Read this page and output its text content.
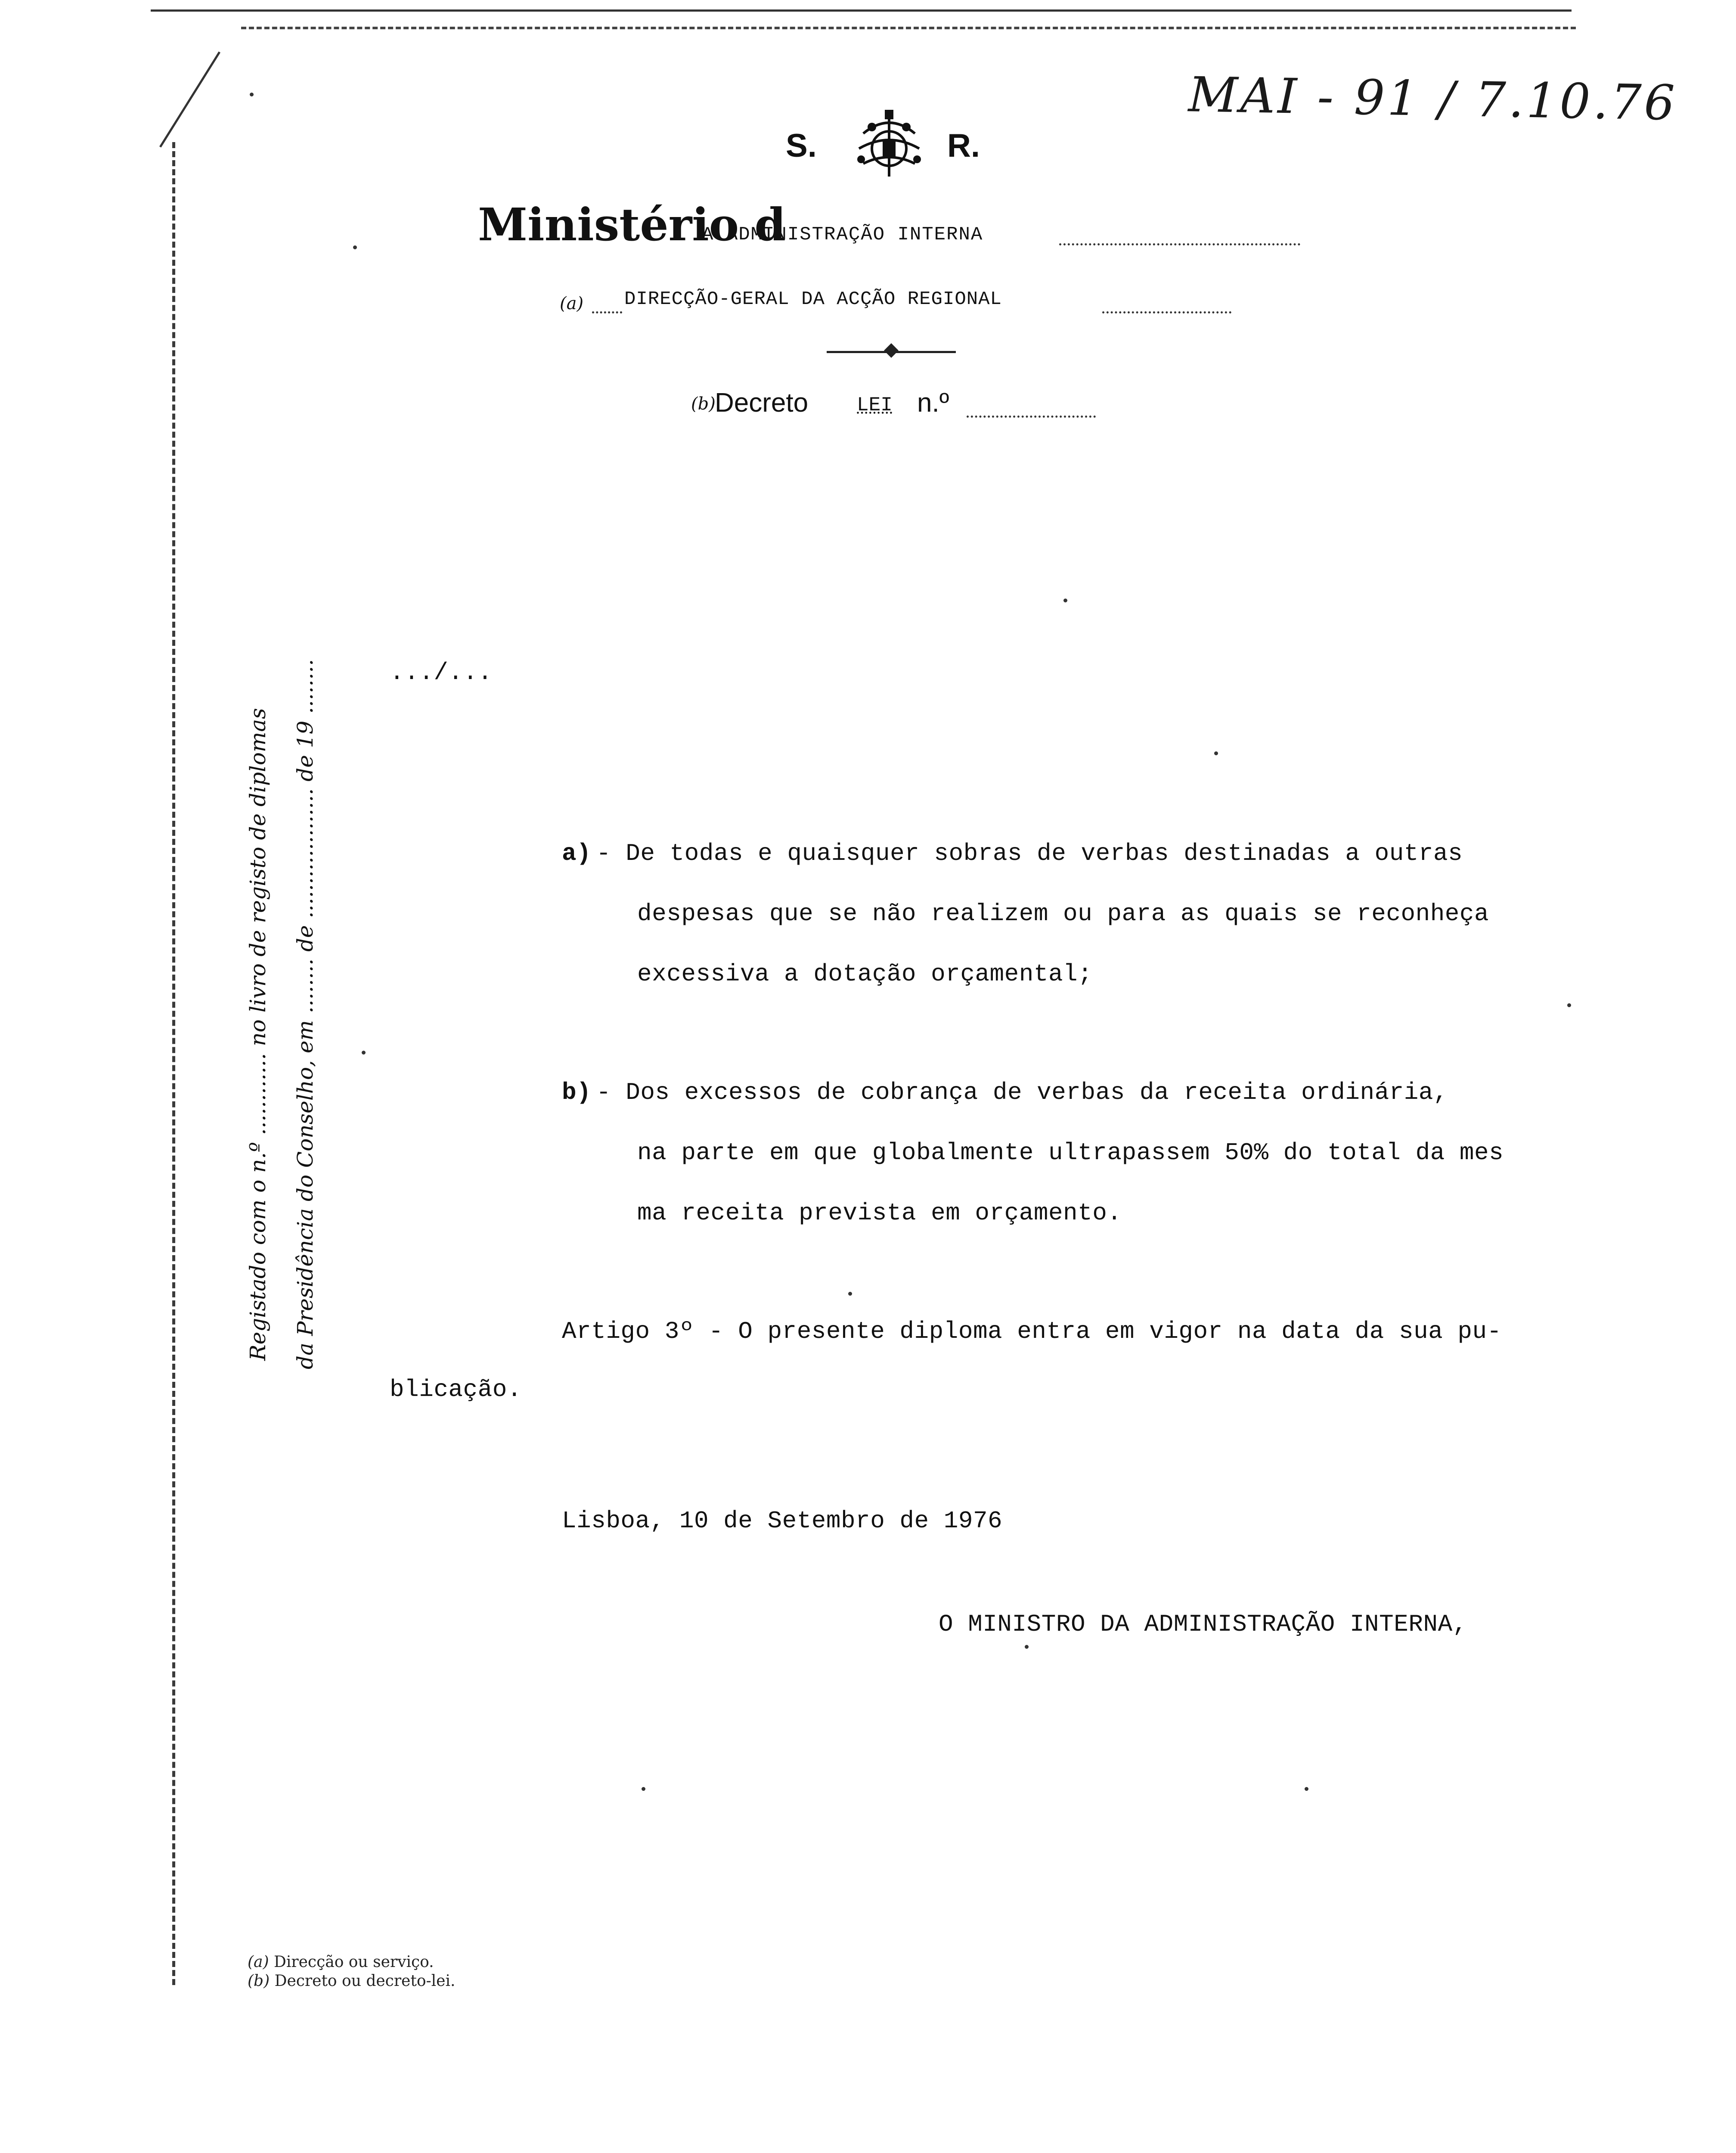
MAI - 91 / 7.10.76
S.	R.
Ministério d
A ADMINISTRAÇÃO INTERNA
(a) DIRECÇÃO-GERAL DA ACÇÃO REGIONAL
(b)
Decreto LEI n.º
Registado com o n.º ............ no livro de registo de diplomas da Presidência do Conselho, em ........ de ................... de 19 ........	.../...
a) - De todas e quaisquer sobras de verbas destinadas a outras
despesas que se não realizem ou para as quais se reconheça
excessiva a dotação orçamental;
b) - Dos excessos de cobrança de verbas da receita ordinária,
na parte em que globalmente ultrapassem 50% do total da mes
ma receita prevista em orçamento.
Artigo 3º - O presente diploma entra em vigor na data da sua pu-
blicação.
Lisboa, 10 de Setembro de 1976
O MINISTRO DA ADMINISTRAÇÃO INTERNA,
(a) Direcção ou serviço.
(b) Decreto ou decreto-lei.
